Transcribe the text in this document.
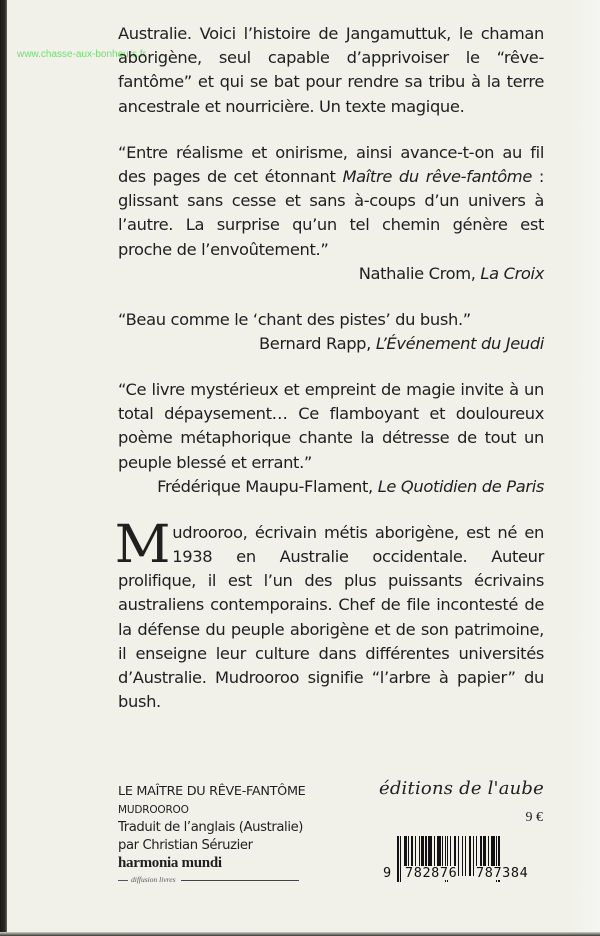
www.chasse-aux-bonheurs.fr

Australie. Voici l’histoire de Jangamuttuk, le chaman aborigène, seul capable d’apprivoiser le “rêve-fantôme” et qui se bat pour rendre sa tribu à la terre ancestrale et nourricière. Un texte magique.

“Entre réalisme et onirisme, ainsi avance-t-on au fil des pages de cet étonnant Maître du rêve-fantôme : glissant sans cesse et sans à-coups d’un univers à l’autre. La surprise qu’un tel chemin génère est proche de l’envoûtement.”

Nathalie Crom, La Croix

“Beau comme le ‘chant des pistes’ du bush.”

Bernard Rapp, L’Événement du Jeudi

“Ce livre mystérieux et empreint de magie invite à un total dépaysement… Ce flamboyant et douloureux poème métaphorique chante la détresse de tout un peuple blessé et errant.”

Frédérique Maupu-Flament, Le Quotidien de Paris
M udrooroo, écrivain métis aborigène, est né en 1938 en Australie occidentale. Auteur prolifique, il est l’un des plus puissants écrivains australiens contemporains. Chef de file incontesté de la défense du peuple aborigène et de son patrimoine, il enseigne leur culture dans différentes universités d’Australie. Mudrooroo signifie “l’arbre à papier” du bush.

LE MAÎTRE DU RÊVE-FANTÔME
MUDROOROO
Traduit de l’anglais (Australie)
par Christian Séruzier
harmonia mundi
diffusion livres
éditions de l'aube
9 €
9 782876 787384
